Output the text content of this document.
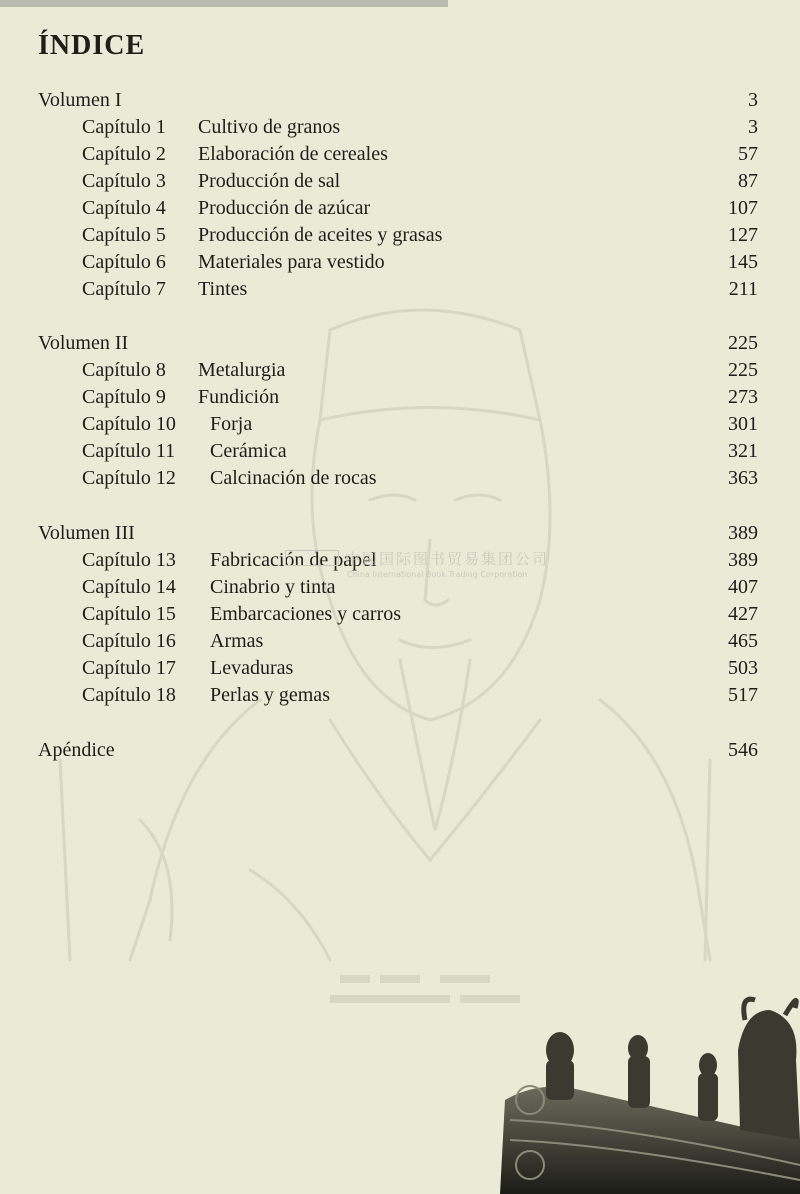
ÍNDICE
Volumen I	3
Capítulo 1 Cultivo de granos	3
Capítulo 2 Elaboración de cereales	57
Capítulo 3 Producción de sal	87
Capítulo 4 Producción de azúcar	107
Capítulo 5 Producción de aceites y grasas	127
Capítulo 6 Materiales para vestido	145
Capítulo 7 Tintes	211
Volumen II	225
Capítulo 8 Metalurgia	225
Capítulo 9 Fundición	273
Capítulo 10 Forja	301
Capítulo 11 Cerámica	321
Capítulo 12 Calcinación de rocas	363
Volumen III	389
Capítulo 13 Fabricación de papel	389
Capítulo 14 Cinabrio y tinta	407
Capítulo 15 Embarcaciones y carros	427
Capítulo 16 Armas	465
Capítulo 17 Levaduras	503
Capítulo 18 Perlas y gemas	517
Apéndice	546
中国国际图书贸易集团公司
China International Book Trading Corporation
